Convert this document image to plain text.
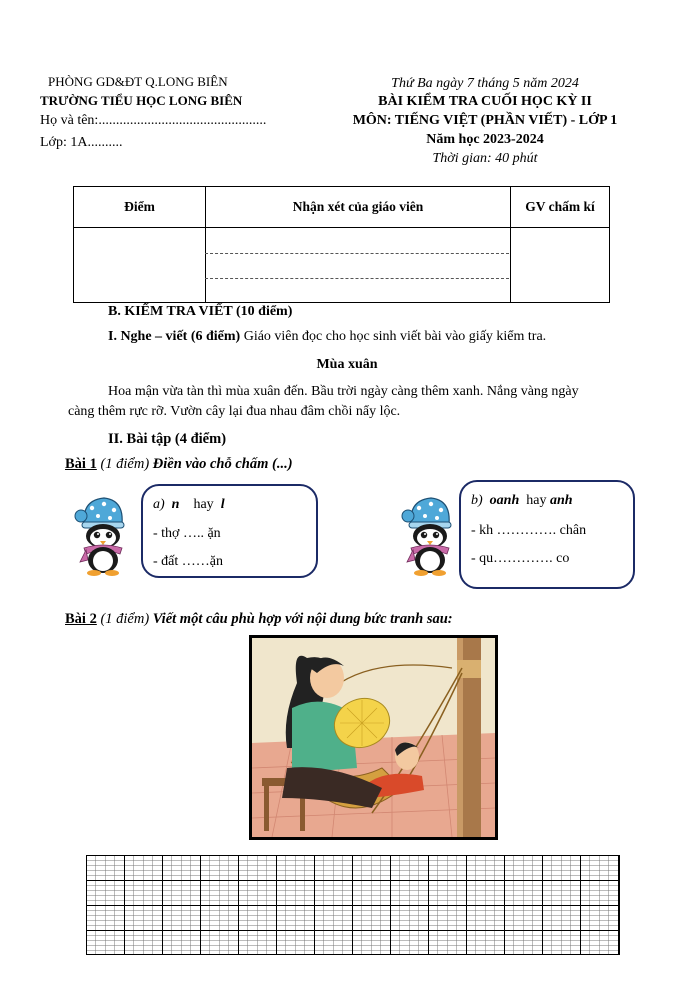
PHÒNG GD&ĐT Q.LONG BIÊN
TRƯỜNG TIỂU HỌC LONG BIÊN
Họ và tên:................................................
Lớp: 1A..........
Thứ Ba ngày 7 tháng 5 năm 2024
BÀI KIỂM TRA CUỐI HỌC KỲ II
MÔN: TIẾNG VIỆT (PHẦN VIẾT) - LỚP 1
Năm học 2023-2024
Thời gian: 40 phút
Điểm	Nhận xét của giáo viên	GV chấm kí

B. KIỂM TRA VIẾT (10 điểm)
I. Nghe – viết (6 điểm) Giáo viên đọc cho học sinh viết bài vào giấy kiểm tra.
Mùa xuân
Hoa mận vừa tàn thì mùa xuân đến. Bầu trời ngày càng thêm xanh. Nắng vàng ngày
càng thêm rực rỡ. Vườn cây lại đua nhau đâm chồi nẩy lộc.
II. Bài tập (4 điểm)
Bài 1 (1 điểm) Điền vào chỗ chấm (...)
a) n hay l
- thợ ….. ặn
- đất ……ặn
b) oanh hay anh
- kh …………. chân
- qu…………. co
Bài 2 (1 điểm) Viết một câu phù hợp với nội dung bức tranh sau:
